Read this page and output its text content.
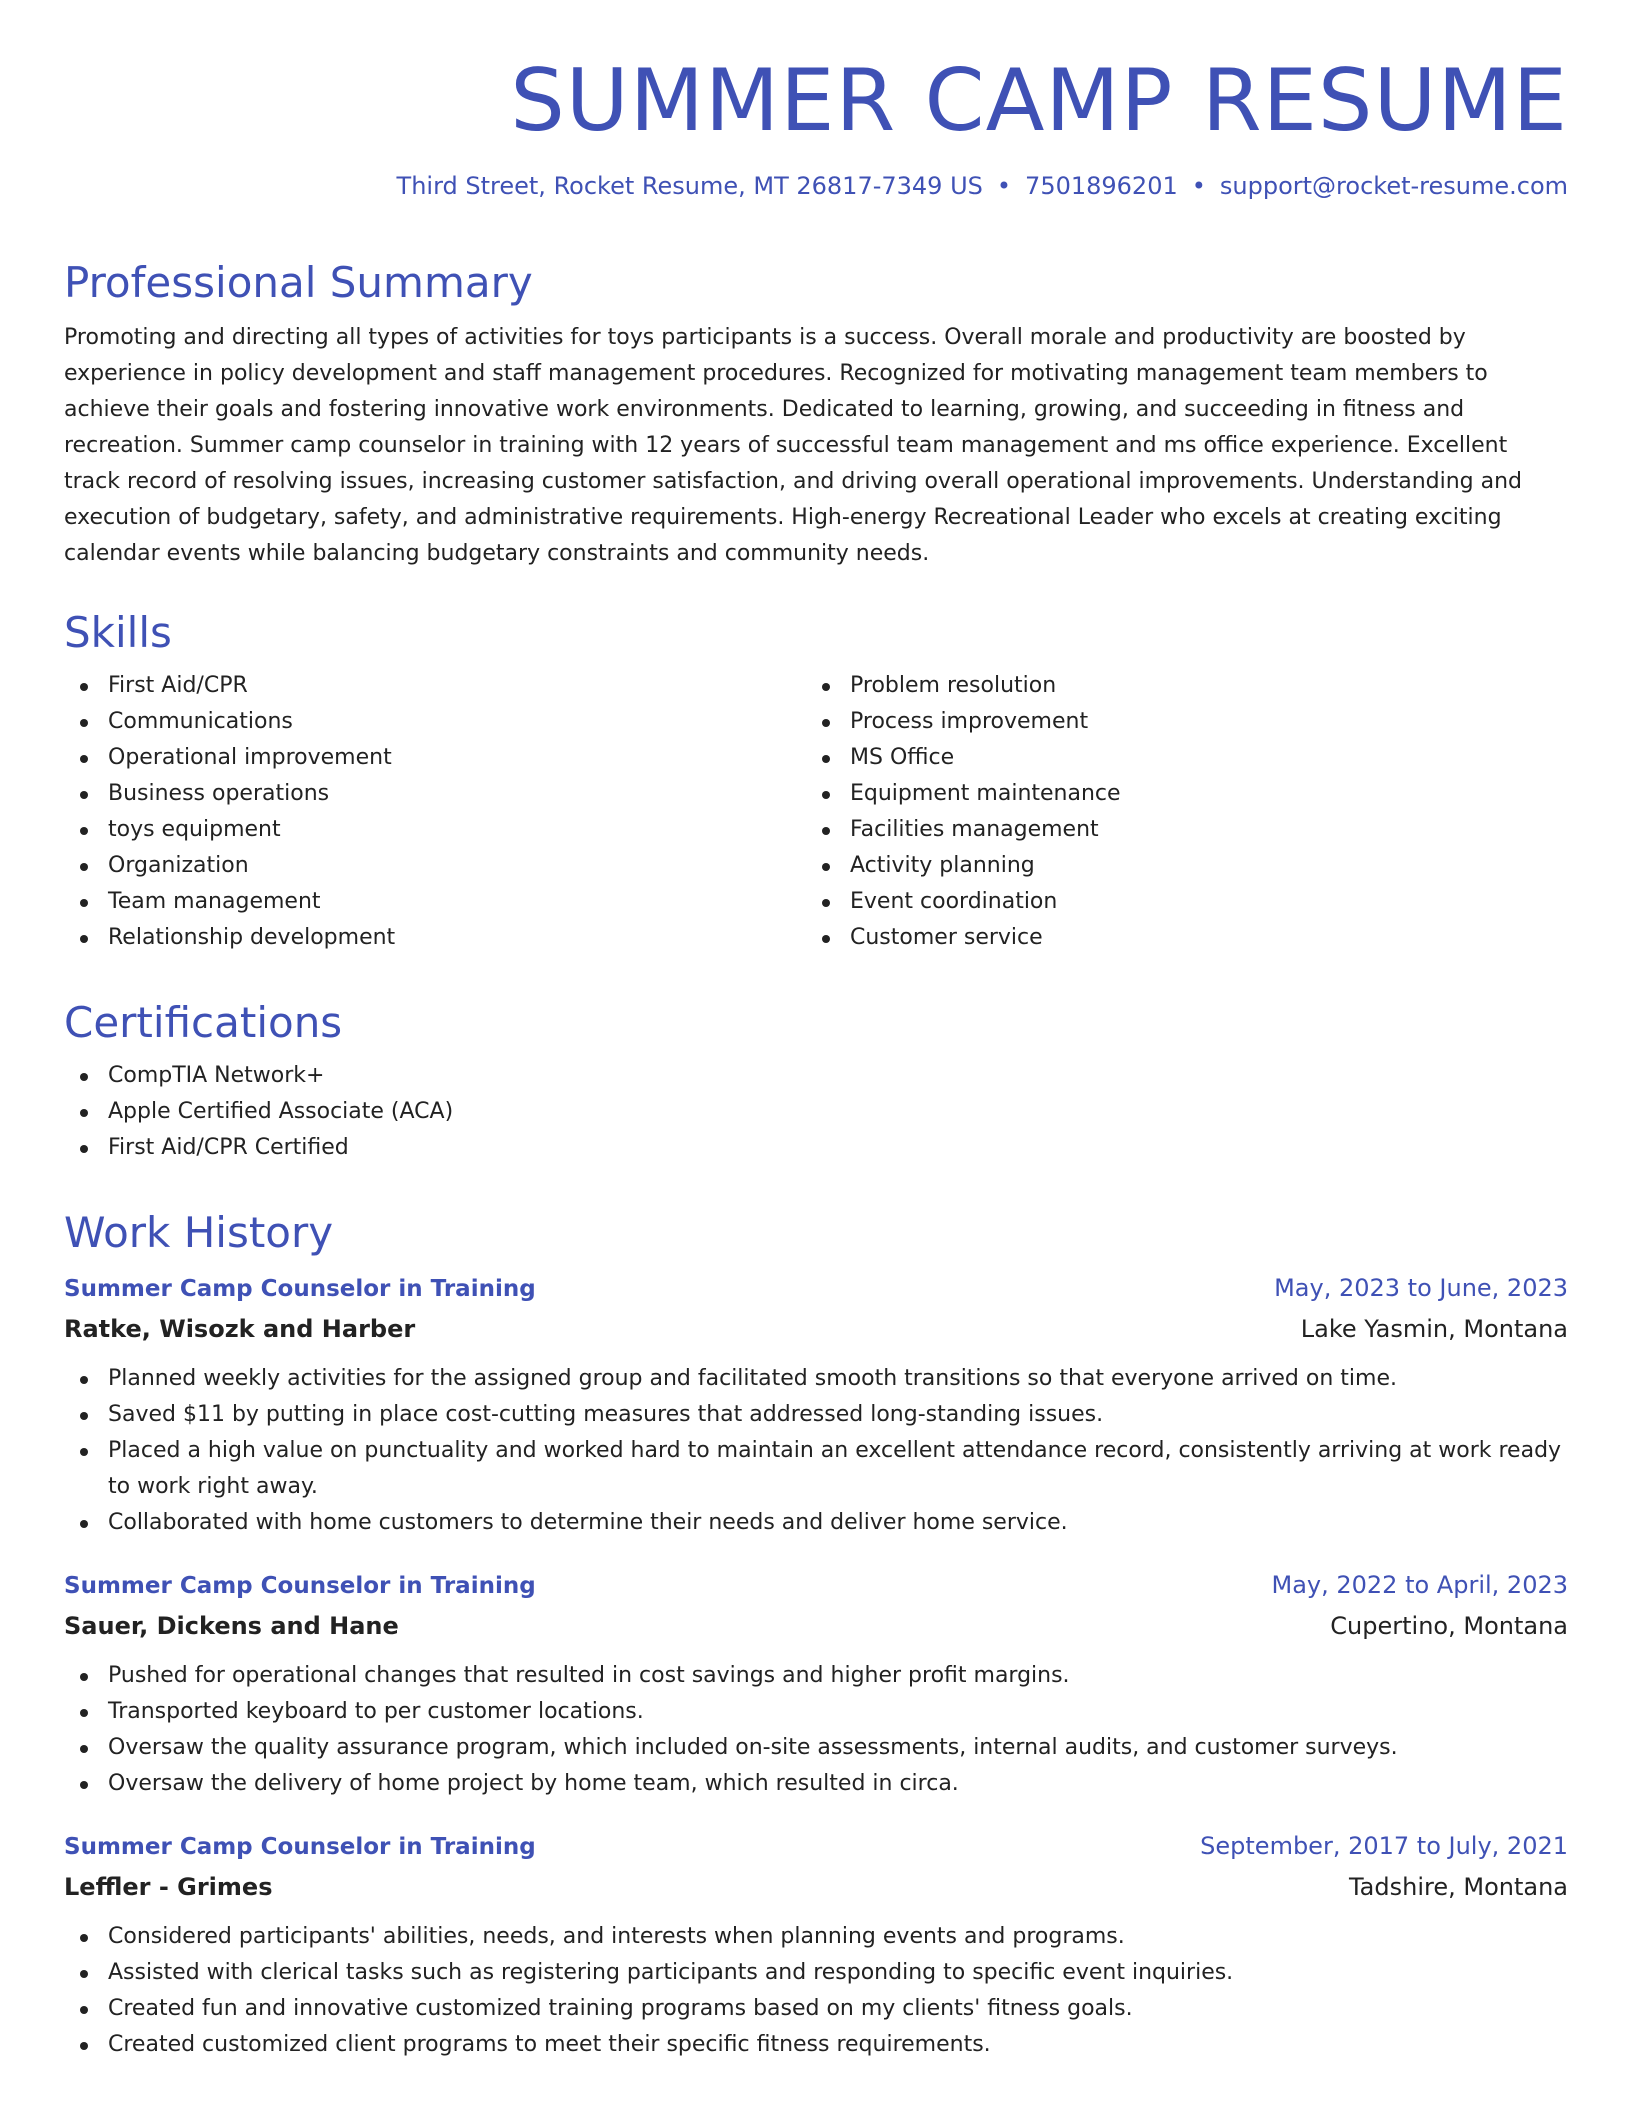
SUMMER CAMP RESUME
Third Street, Rocket Resume, MT 26817-7349 US • 7501896201 • support@rocket-resume.com
Professional Summary

Promoting and directing all types of activities for toys participants is a success. Overall morale and productivity are boosted by experience in policy development and staff management procedures. Recognized for motivating management team members to achieve their goals and fostering innovative work environments. Dedicated to learning, growing, and succeeding in fitness and recreation. Summer camp counselor in training with 12 years of successful team management and ms office experience. Excellent track record of resolving issues, increasing customer satisfaction, and driving overall operational improvements. Understanding and execution of budgetary, safety, and administrative requirements. High-energy Recreational Leader who excels at creating exciting calendar events while balancing budgetary constraints and community needs.

Skills
First Aid/CPR
Communications
Operational improvement
Business operations
toys equipment
Organization
Team management
Relationship development
Problem resolution
Process improvement
MS Office
Equipment maintenance
Facilities management
Activity planning
Event coordination
Customer service
Certifications
CompTIA Network+
Apple Certified Associate (ACA)
First Aid/CPR Certified
Work History
Summer Camp Counselor in Training	May, 2023 to June, 2023
Ratke, Wisozk and Harber	Lake Yasmin, Montana
Planned weekly activities for the assigned group and facilitated smooth transitions so that everyone arrived on time.
Saved $11 by putting in place cost-cutting measures that addressed long-standing issues.
Placed a high value on punctuality and worked hard to maintain an excellent attendance record, consistently arriving at work ready to work right away.
Collaborated with home customers to determine their needs and deliver home service.
Summer Camp Counselor in Training	May, 2022 to April, 2023
Sauer, Dickens and Hane	Cupertino, Montana
Pushed for operational changes that resulted in cost savings and higher profit margins.
Transported keyboard to per customer locations.
Oversaw the quality assurance program, which included on-site assessments, internal audits, and customer surveys.
Oversaw the delivery of home project by home team, which resulted in circa.
Summer Camp Counselor in Training	September, 2017 to July, 2021
Leffler - Grimes	Tadshire, Montana
Considered participants' abilities, needs, and interests when planning events and programs.
Assisted with clerical tasks such as registering participants and responding to specific event inquiries.
Created fun and innovative customized training programs based on my clients' fitness goals.
Created customized client programs to meet their specific fitness requirements.
